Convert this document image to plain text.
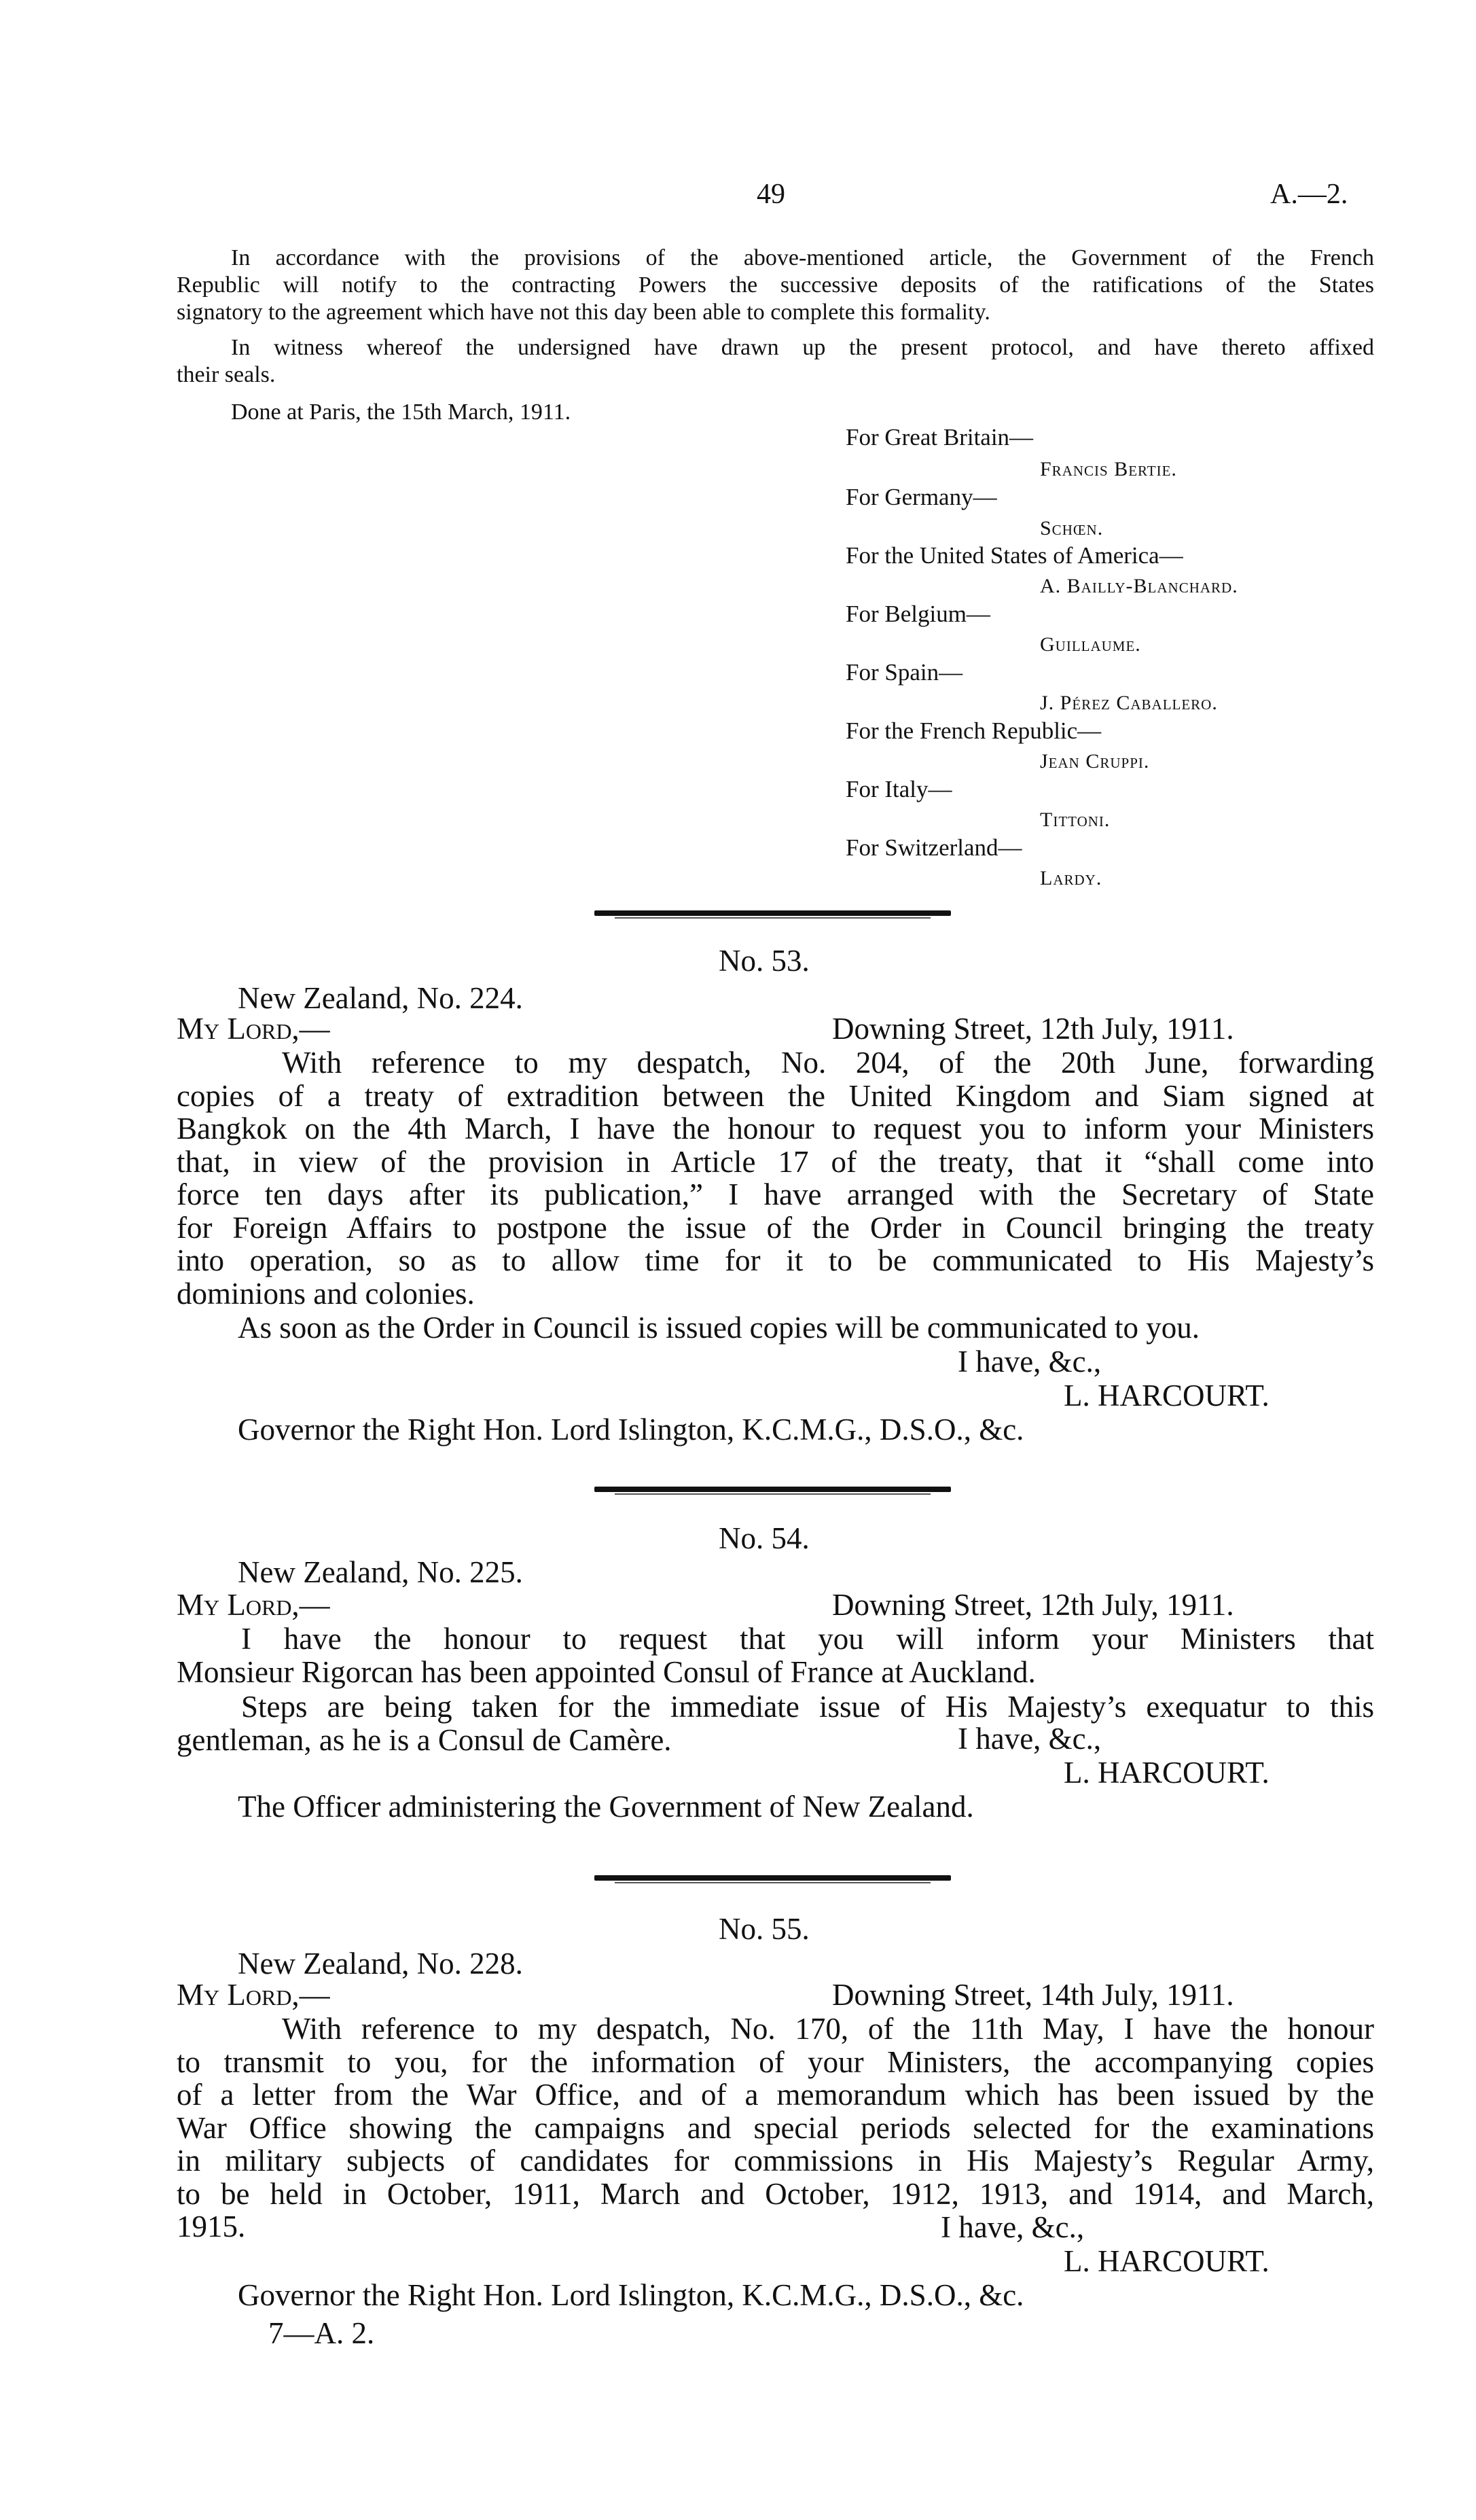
49	A.—2.
In accordance with the provisions of the above-mentioned article, the Government of the French
Republic will notify to the contracting Powers the successive deposits of the ratifications of the States
signatory to the agreement which have not this day been able to complete this formality.
In witness whereof the undersigned have drawn up the present protocol, and have thereto affixed
their seals.
Done at Paris, the 15th March, 1911.
For Great Britain—
Francis Bertie.
For Germany—
Schœn.
For the United States of America—
A. Bailly-Blanchard.
For Belgium—
Guillaume.
For Spain—
J. Pérez Caballero.
For the French Republic—
Jean Cruppi.
For Italy—
Tittoni.
For Switzerland—
Lardy.
No. 53.
New Zealand, No. 224.
My Lord,—	Downing Street, 12th July, 1911.
With reference to my despatch, No. 204, of the 20th June, forwarding
copies of a treaty of extradition between the United Kingdom and Siam signed at
Bangkok on the 4th March, I have the honour to request you to inform your Ministers
that, in view of the provision in Article 17 of the treaty, that it “shall come into
force ten days after its publication,” I have arranged with the Secretary of State
for Foreign Affairs to postpone the issue of the Order in Council bringing the treaty
into operation, so as to allow time for it to be communicated to His Majesty’s
dominions and colonies.
As soon as the Order in Council is issued copies will be communicated to you.
I have, &c.,
L. HARCOURT.
Governor the Right Hon. Lord Islington, K.C.M.G., D.S.O., &c.
No. 54.
New Zealand, No. 225.
My Lord,—	Downing Street, 12th July, 1911.
I have the honour to request that you will inform your Ministers that
Monsieur Rigorcan has been appointed Consul of France at Auckland.
Steps are being taken for the immediate issue of His Majesty’s exequatur to this
gentleman, as he is a Consul de Camère.	I have, &c.,
L. HARCOURT.
The Officer administering the Government of New Zealand.
No. 55.
New Zealand, No. 228.
My Lord,—	Downing Street, 14th July, 1911.
With reference to my despatch, No. 170, of the 11th May, I have the honour
to transmit to you, for the information of your Ministers, the accompanying copies
of a letter from the War Office, and of a memorandum which has been issued by the
War Office showing the campaigns and special periods selected for the examinations
in military subjects of candidates for commissions in His Majesty’s Regular Army,
to be held in October, 1911, March and October, 1912, 1913, and 1914, and March,
1915.	I have, &c.,
L. HARCOURT.
Governor the Right Hon. Lord Islington, K.C.M.G., D.S.O., &c.
7—A. 2.
